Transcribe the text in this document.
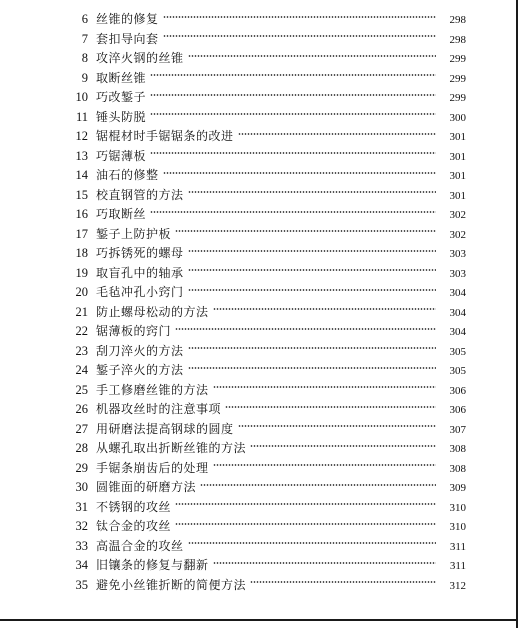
6 丝锥的修复	298
7 套扣导向套	298
8 攻淬火钢的丝锥	299
9 取断丝锥	299
10 巧改錾子	299
11 锤头防脱	300
12 锯棍材时手锯锯条的改进	301
13 巧锯薄板	301
14 油石的修整	301
15 校直钢管的方法	301
16 巧取断丝	302
17 錾子上防护板	302
18 巧拆锈死的螺母	303
19 取盲孔中的轴承	303
20 毛毡冲孔小窍门	304
21 防止螺母松动的方法	304
22 锯薄板的窍门	304
23 刮刀淬火的方法	305
24 錾子淬火的方法	305
25 手工修磨丝锥的方法	306
26 机器攻丝时的注意事项	306
27 用研磨法提高钢球的圆度	307
28 从螺孔取出折断丝锥的方法	308
29 手锯条崩齿后的处理	308
30 圆锥面的研磨方法	309
31 不锈钢的攻丝	310
32 钛合金的攻丝	310
33 高温合金的攻丝	311
34 旧镶条的修复与翻新	311
35 避免小丝锥折断的简便方法	312
